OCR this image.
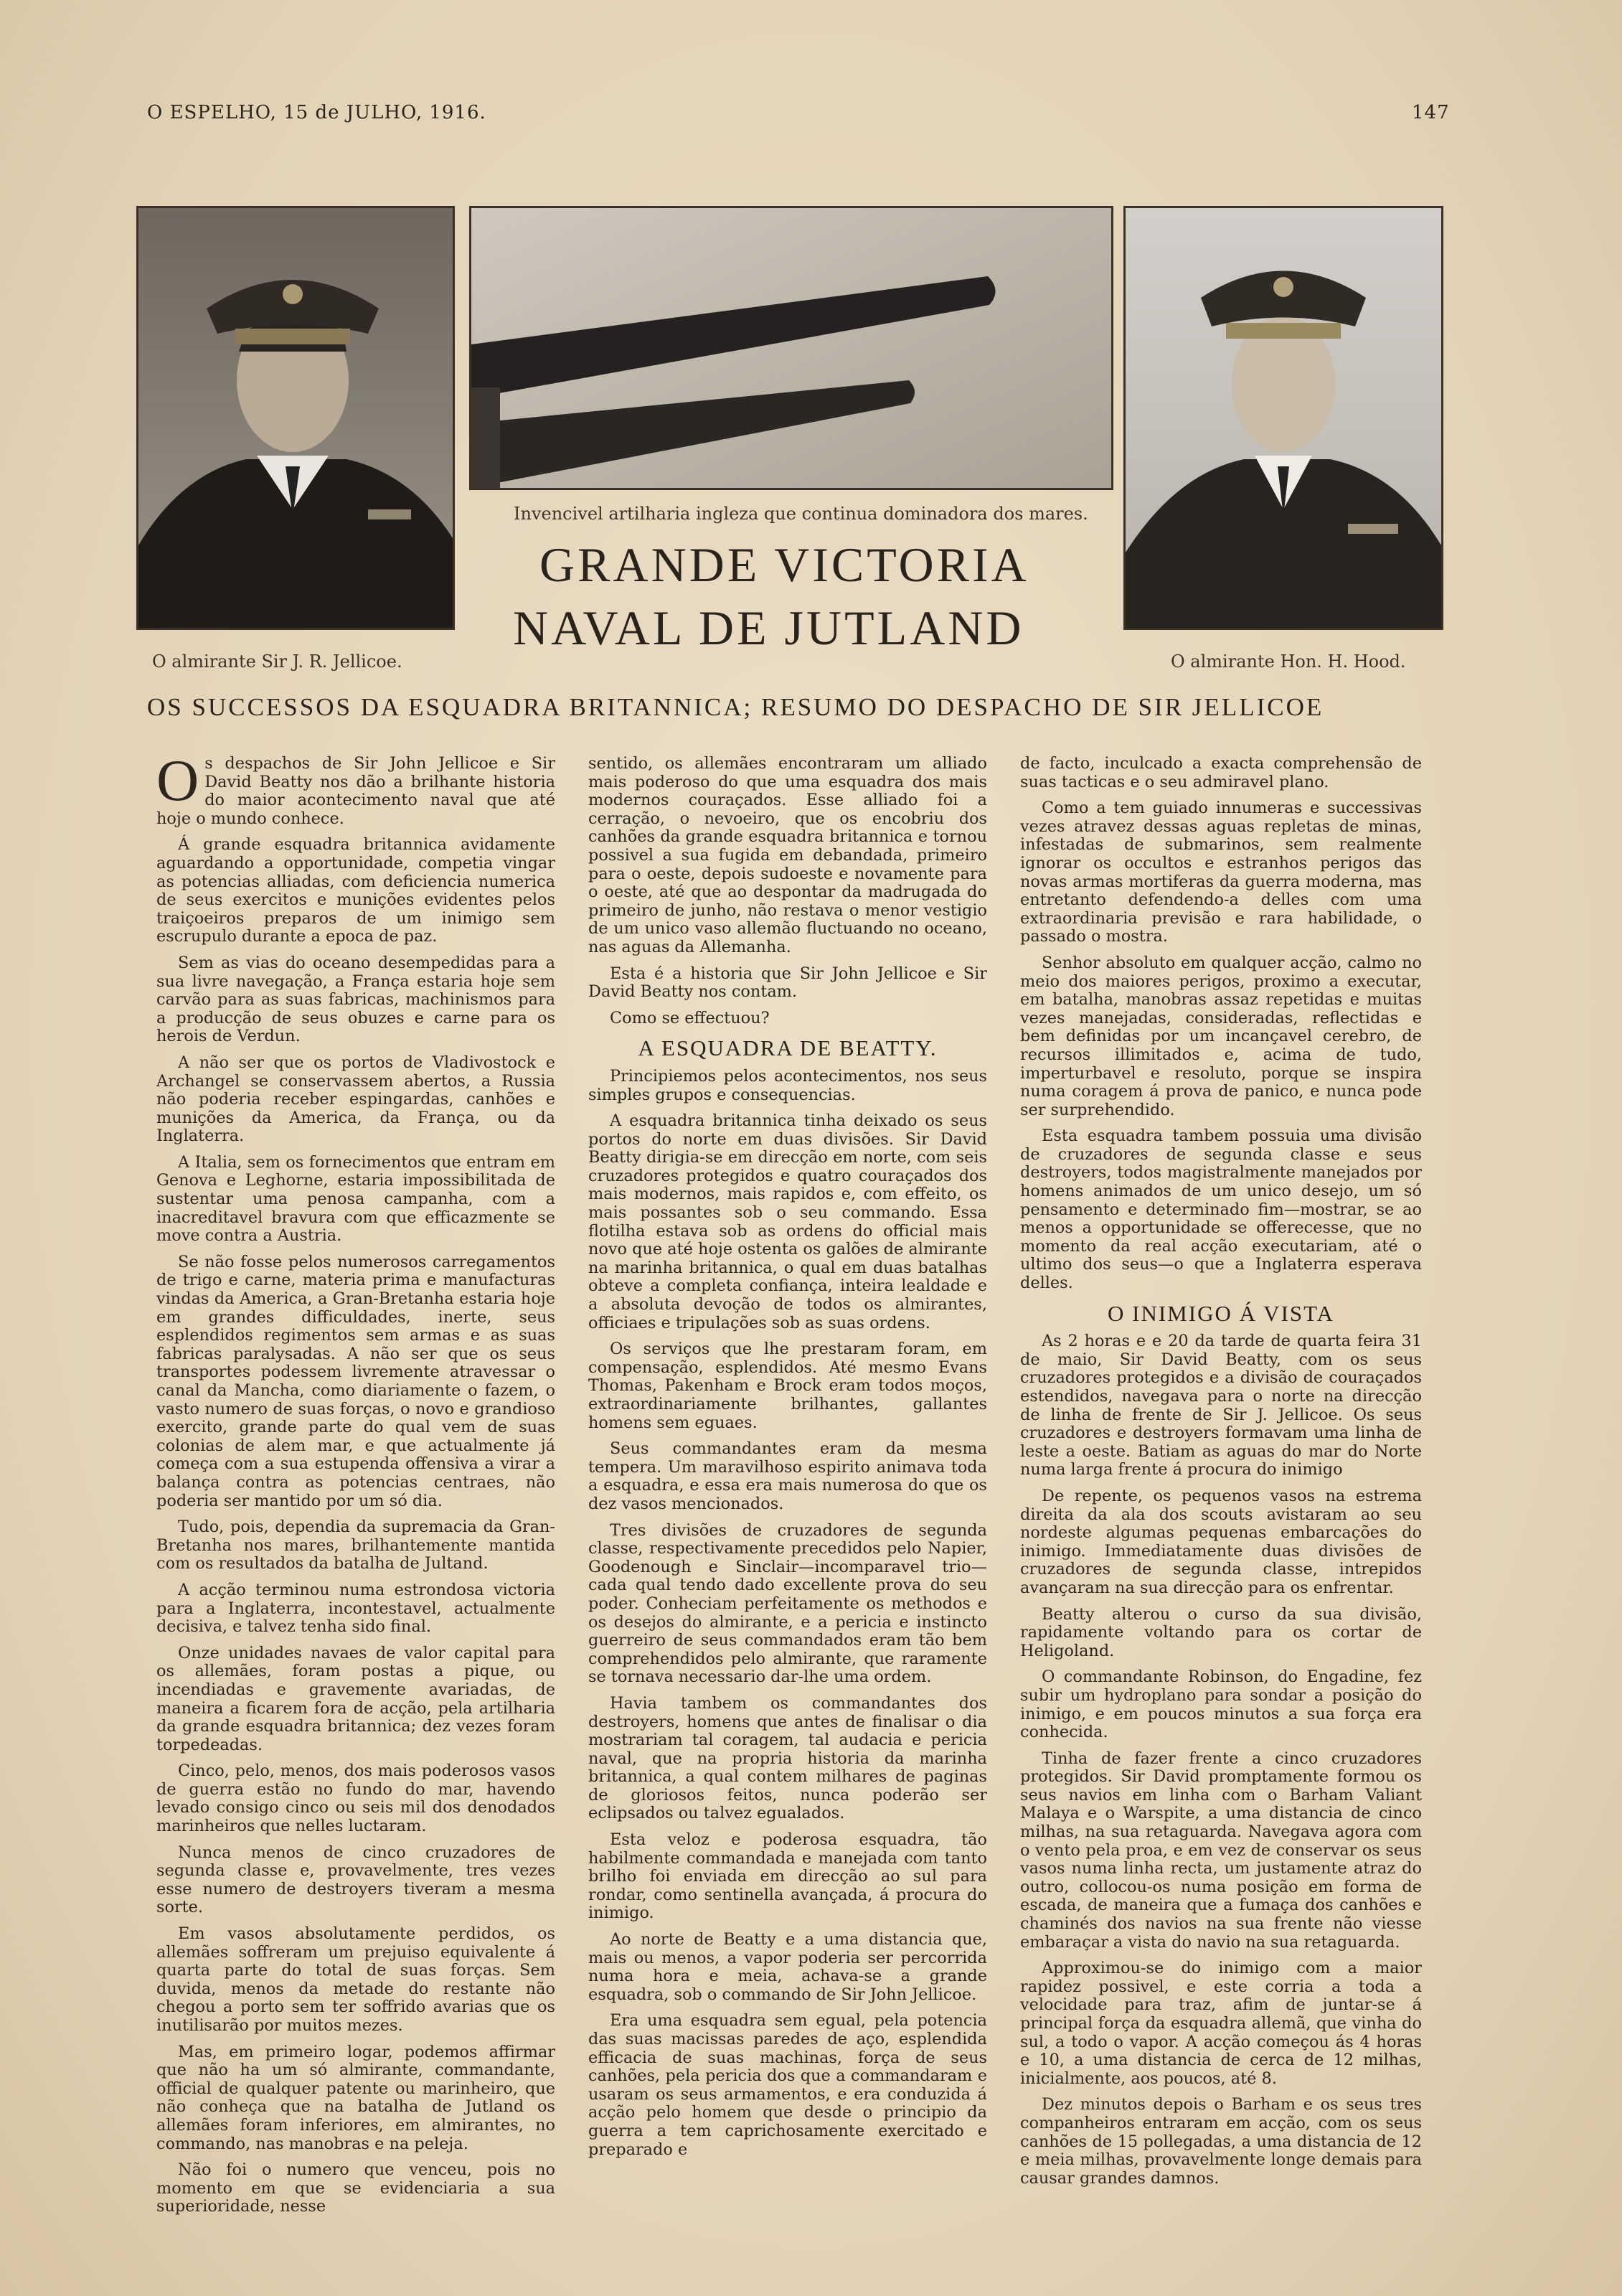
O ESPELHO, 15 de JULHO, 1916.	147
Invencivel artilharia ingleza que continua dominadora dos mares.
O almirante Sir J. R. Jellicoe.	O almirante Hon. H. Hood.
GRANDE VICTORIA
NAVAL DE JUTLAND
OS SUCCESSOS DA ESQUADRA BRITANNICA; RESUMO DO DESPACHO DE SIR JELLICOE

Os despachos de Sir John Jellicoe e Sir David Beatty nos dão a brilhante historia do maior acontecimento naval que até hoje o mundo conhece.

Á grande esquadra britannica avidamente aguardando a opportunidade, competia vingar as potencias alliadas, com deficiencia numerica de seus exercitos e munições evidentes pelos traiçoeiros preparos de um inimigo sem escrupulo durante a epoca de paz.

Sem as vias do oceano desempedidas para a sua livre navegação, a França estaria hoje sem carvão para as suas fabricas, machinismos para a producção de seus obuzes e carne para os herois de Verdun.

A não ser que os portos de Vladivostock e Archangel se conservassem abertos, a Russia não poderia receber espingardas, canhões e munições da America, da França, ou da Inglaterra.

A Italia, sem os fornecimentos que entram em Genova e Leghorne, estaria impossibilitada de sustentar uma penosa campanha, com a inacreditavel bravura com que efficazmente se move contra a Austria.

Se não fosse pelos numerosos carregamentos de trigo e carne, materia prima e manufacturas vindas da America, a Gran-Bretanha estaria hoje em grandes difficuldades, inerte, seus esplendidos regimentos sem armas e as suas fabricas paralysadas. A não ser que os seus transportes podessem livremente atravessar o canal da Mancha, como diariamente o fazem, o vasto numero de suas forças, o novo e grandioso exercito, grande parte do qual vem de suas colonias de alem mar, e que actualmente já começa com a sua estupenda offensiva a virar a balança contra as potencias centraes, não poderia ser mantido por um só dia.

Tudo, pois, dependia da supremacia da Gran-Bretanha nos mares, brilhantemente mantida com os resultados da batalha de Jultand.

A acção terminou numa estrondosa victoria para a Inglaterra, incontestavel, actualmente decisiva, e talvez tenha sido final.

Onze unidades navaes de valor capital para os allemães, foram postas a pique, ou incendiadas e gravemente avariadas, de maneira a ficarem fora de acção, pela artilharia da grande esquadra britannica; dez vezes foram torpedeadas.

Cinco, pelo, menos, dos mais poderosos vasos de guerra estão no fundo do mar, havendo levado consigo cinco ou seis mil dos denodados marinheiros que nelles luctaram.

Nunca menos de cinco cruzadores de segunda classe e, provavelmente, tres vezes esse numero de destroyers tiveram a mesma sorte.

Em vasos absolutamente perdidos, os allemães soffreram um prejuiso equivalente á quarta parte do total de suas forças. Sem duvida, menos da metade do restante não chegou a porto sem ter soffrido avarias que os inutilisarão por muitos mezes.

Mas, em primeiro logar, podemos affirmar que não ha um só almirante, commandante, official de qualquer patente ou marinheiro, que não conheça que na batalha de Jutland os allemães foram inferiores, em almirantes, no commando, nas manobras e na peleja.

Não foi o numero que venceu, pois no momento em que se evidenciaria a sua superioridade, nesse

sentido, os allemães encontraram um alliado mais poderoso do que uma esquadra dos mais modernos couraçados. Esse alliado foi a cerração, o nevoeiro, que os encobriu dos canhões da grande esquadra britannica e tornou possivel a sua fugida em debandada, primeiro para o oeste, depois sudoeste e novamente para o oeste, até que ao despontar da madrugada do primeiro de junho, não restava o menor vestigio de um unico vaso allemão fluctuando no oceano, nas aguas da Allemanha.

Esta é a historia que Sir John Jellicoe e Sir David Beatty nos contam.

Como se effectuou?

A ESQUADRA DE BEATTY.

Principiemos pelos acontecimentos, nos seus simples grupos e consequencias.

A esquadra britannica tinha deixado os seus portos do norte em duas divisões. Sir David Beatty dirigia-se em direcção em norte, com seis cruzadores protegidos e quatro couraçados dos mais modernos, mais rapidos e, com effeito, os mais possantes sob o seu commando. Essa flotilha estava sob as ordens do official mais novo que até hoje ostenta os galões de almirante na marinha britannica, o qual em duas batalhas obteve a completa confiança, inteira lealdade e a absoluta devoção de todos os almirantes, officiaes e tripulações sob as suas ordens.

Os serviços que lhe prestaram foram, em compensação, esplendidos. Até mesmo Evans Thomas, Pakenham e Brock eram todos moços, extraordinariamente brilhantes, gallantes homens sem eguaes.

Seus commandantes eram da mesma tempera. Um maravilhoso espirito animava toda a esquadra, e essa era mais numerosa do que os dez vasos mencionados.

Tres divisões de cruzadores de segunda classe, respectivamente precedidos pelo Napier, Goodenough e Sinclair—incomparavel trio—cada qual tendo dado excellente prova do seu poder. Conheciam perfeitamente os methodos e os desejos do almirante, e a pericia e instincto guerreiro de seus commandados eram tão bem comprehendidos pelo almirante, que raramente se tornava necessario dar-lhe uma ordem.

Havia tambem os commandantes dos destroyers, homens que antes de finalisar o dia mostrariam tal coragem, tal audacia e pericia naval, que na propria historia da marinha britannica, a qual contem milhares de paginas de gloriosos feitos, nunca poderão ser eclipsados ou talvez egualados.

Esta veloz e poderosa esquadra, tão habilmente commandada e manejada com tanto brilho foi enviada em direcção ao sul para rondar, como sentinella avançada, á procura do inimigo.

Ao norte de Beatty e a uma distancia que, mais ou menos, a vapor poderia ser percorrida numa hora e meia, achava-se a grande esquadra, sob o commando de Sir John Jellicoe.

Era uma esquadra sem egual, pela potencia das suas macissas paredes de aço, esplendida efficacia de suas machinas, força de seus canhões, pela pericia dos que a commandaram e usaram os seus armamentos, e era conduzida á acção pelo homem que desde o principio da guerra a tem caprichosamente exercitado e preparado e

de facto, inculcado a exacta comprehensão de suas tacticas e o seu admiravel plano.

Como a tem guiado innumeras e successivas vezes atravez dessas aguas repletas de minas, infestadas de submarinos, sem realmente ignorar os occultos e estranhos perigos das novas armas mortiferas da guerra moderna, mas entretanto defendendo-a delles com uma extraordinaria previsão e rara habilidade, o passado o mostra.

Senhor absoluto em qualquer acção, calmo no meio dos maiores perigos, proximo a executar, em batalha, manobras assaz repetidas e muitas vezes manejadas, consideradas, reflectidas e bem definidas por um incançavel cerebro, de recursos illimitados e, acima de tudo, imperturbavel e resoluto, porque se inspira numa coragem á prova de panico, e nunca pode ser surprehendido.

Esta esquadra tambem possuia uma divisão de cruzadores de segunda classe e seus destroyers, todos magistralmente manejados por homens animados de um unico desejo, um só pensamento e determinado fim—mostrar, se ao menos a opportunidade se offerecesse, que no momento da real acção executariam, até o ultimo dos seus—o que a Inglaterra esperava delles.

O INIMIGO Á VISTA

As 2 horas e e 20 da tarde de quarta feira 31 de maio, Sir David Beatty, com os seus cruzadores protegidos e a divisão de couraçados estendidos, navegava para o norte na direcção de linha de frente de Sir J. Jellicoe. Os seus cruzadores e destroyers formavam uma linha de leste a oeste. Batiam as aguas do mar do Norte numa larga frente á procura do inimigo

De repente, os pequenos vasos na estrema direita da ala dos scouts avistaram ao seu nordeste algumas pequenas embarcações do inimigo. Immediatamente duas divisões de cruzadores de segunda classe, intrepidos avançaram na sua direcção para os enfrentar.

Beatty alterou o curso da sua divisão, rapidamente voltando para os cortar de Heligoland.

O commandante Robinson, do Engadine, fez subir um hydroplano para sondar a posição do inimigo, e em poucos minutos a sua força era conhecida.

Tinha de fazer frente a cinco cruzadores protegidos. Sir David promptamente formou os seus navios em linha com o Barham Valiant Malaya e o Warspite, a uma distancia de cinco milhas, na sua retaguarda. Navegava agora com o vento pela proa, e em vez de conservar os seus vasos numa linha recta, um justamente atraz do outro, collocou-os numa posição em forma de escada, de maneira que a fumaça dos canhões e chaminés dos navios na sua frente não viesse embaraçar a vista do navio na sua retaguarda.

Approximou-se do inimigo com a maior rapidez possivel, e este corria a toda a velocidade para traz, afim de juntar-se á principal força da esquadra allemã, que vinha do sul, a todo o vapor. A acção começou ás 4 horas e 10, a uma distancia de cerca de 12 milhas, inicialmente, aos poucos, até 8.

Dez minutos depois o Barham e os seus tres companheiros entraram em acção, com os seus canhões de 15 pollegadas, a uma distancia de 12 e meia milhas, provavelmente longe demais para causar grandes damnos.
